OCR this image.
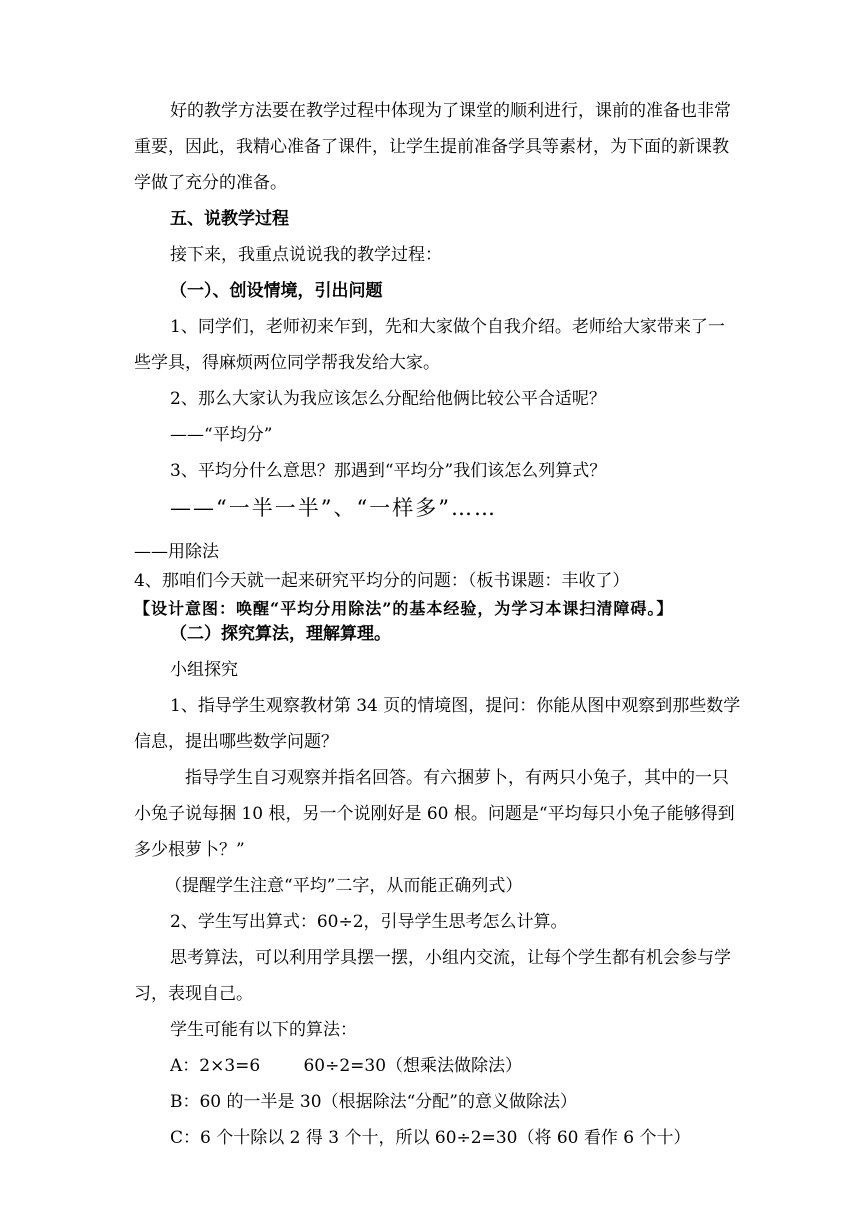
好的教学方法要在教学过程中体现为了课堂的顺利进行，课前的准备也非常
重要，因此，我精心准备了课件，让学生提前准备学具等素材，为下面的新课教
学做了充分的准备。
五、说教学过程
接下来，我重点说说我的教学过程：
（一）、创设情境，引出问题
1、同学们，老师初来乍到，先和大家做个自我介绍。老师给大家带来了一
些学具，得麻烦两位同学帮我发给大家。
2、那么大家认为我应该怎么分配给他俩比较公平合适呢？
——“平均分”
3、平均分什么意思？那遇到“平均分”我们该怎么列算式？
——“一半一半”、“一样多”……
——用除法
4、那咱们今天就一起来研究平均分的问题：（板书课题：丰收了）
【设计意图：唤醒“平均分用除法”的基本经验，为学习本课扫清障碍。】
（二）探究算法，理解算理。
小组探究
1、指导学生观察教材第 34 页的情境图，提问：你能从图中观察到那些数学
信息，提出哪些数学问题？
指导学生自习观察并指名回答。有六捆萝卜，有两只小兔子，其中的一只
小兔子说每捆 10 根，另一个说刚好是 60 根。问题是“平均每只小兔子能够得到
多少根萝卜？”
（提醒学生注意“平均”二字，从而能正确列式）
2、学生写出算式：60÷2，引导学生思考怎么计算。
思考算法，可以利用学具摆一摆，小组内交流，让每个学生都有机会参与学
习，表现自己。
学生可能有以下的算法：
A：2×3=6        60÷2=30（想乘法做除法）
B：60 的一半是 30（根据除法“分配”的意义做除法）
C：6 个十除以 2 得 3 个十，所以 60÷2=30（将 60 看作 6 个十）
